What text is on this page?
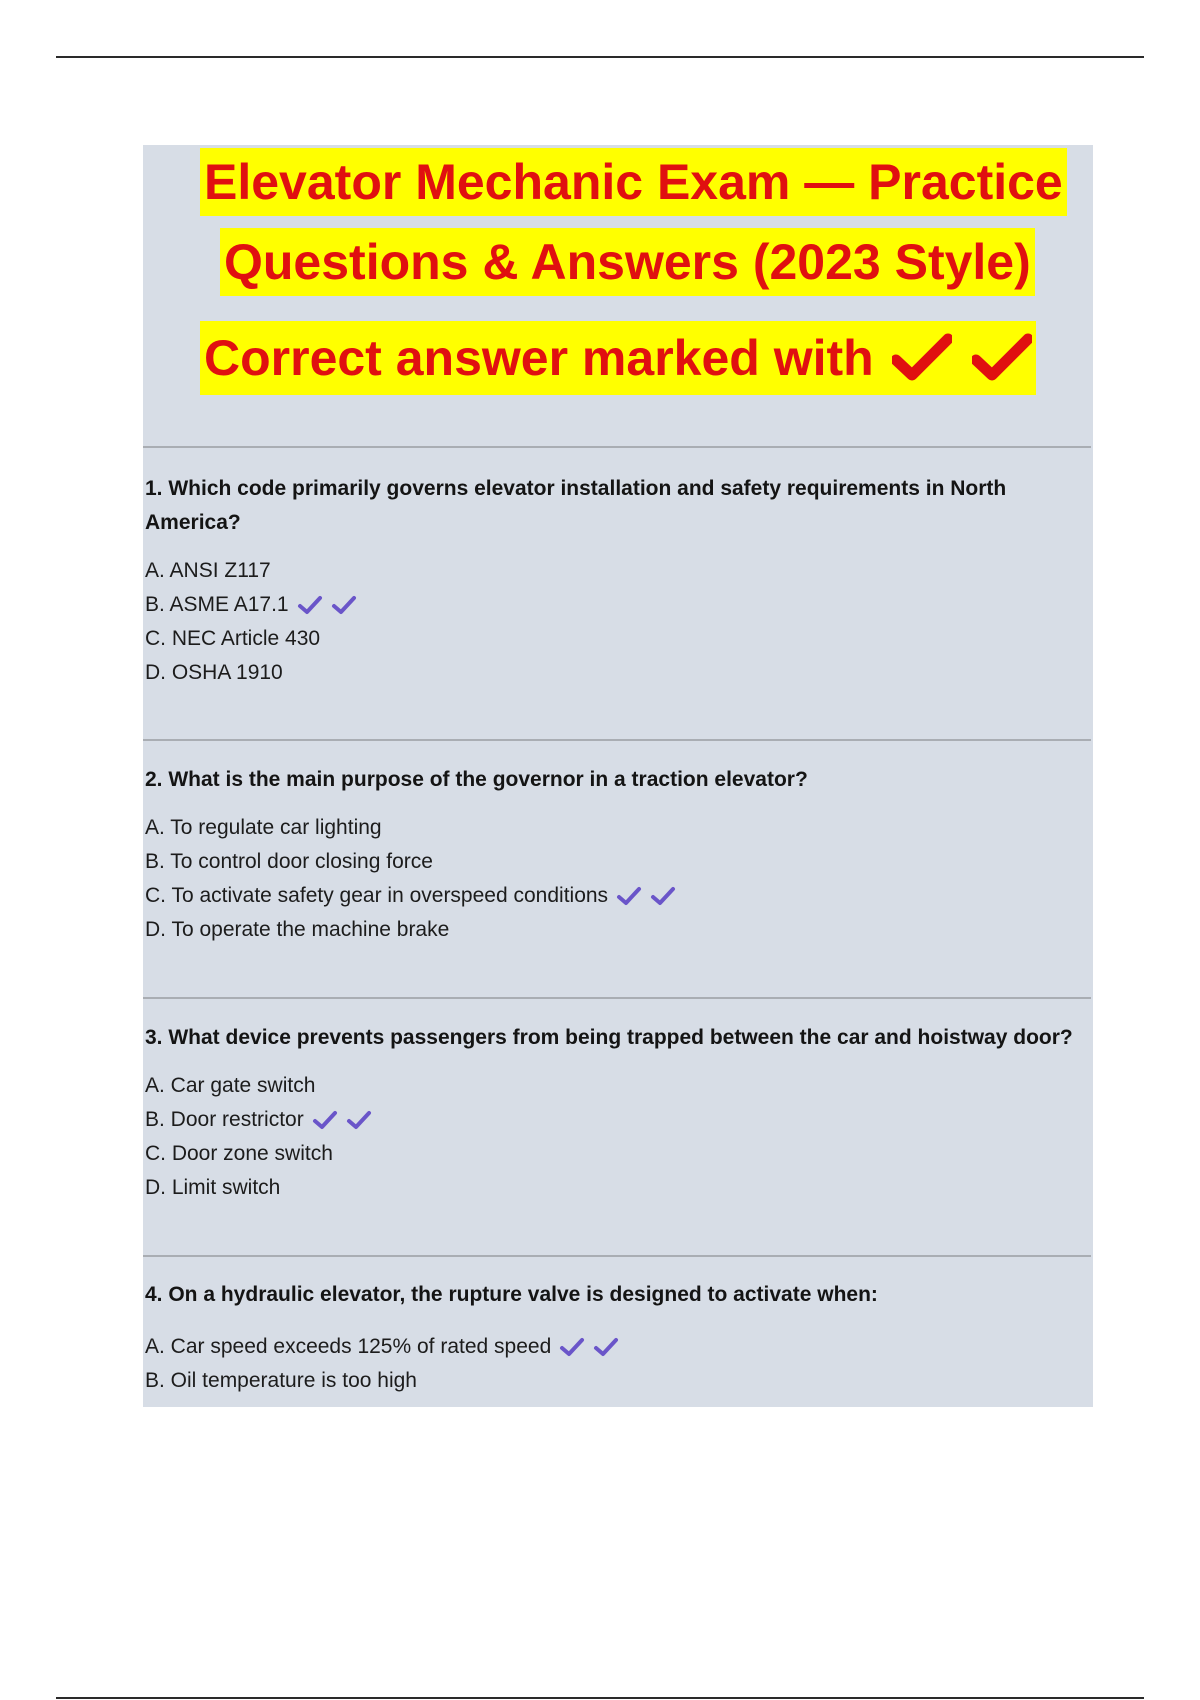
Elevator Mechanic Exam — Practice
Questions & Answers (2023 Style)
Correct answer marked with

1. Which code primarily governs elevator installation and safety requirements in North America?

A. ANSI Z117
B. ASME A17.1
C. NEC Article 430
D. OSHA 1910

2. What is the main purpose of the governor in a traction elevator?

A. To regulate car lighting
B. To control door closing force
C. To activate safety gear in overspeed conditions
D. To operate the machine brake

3. What device prevents passengers from being trapped between the car and hoistway door?

A. Car gate switch
B. Door restrictor
C. Door zone switch
D. Limit switch

4. On a hydraulic elevator, the rupture valve is designed to activate when:

A. Car speed exceeds 125% of rated speed
B. Oil temperature is too high
